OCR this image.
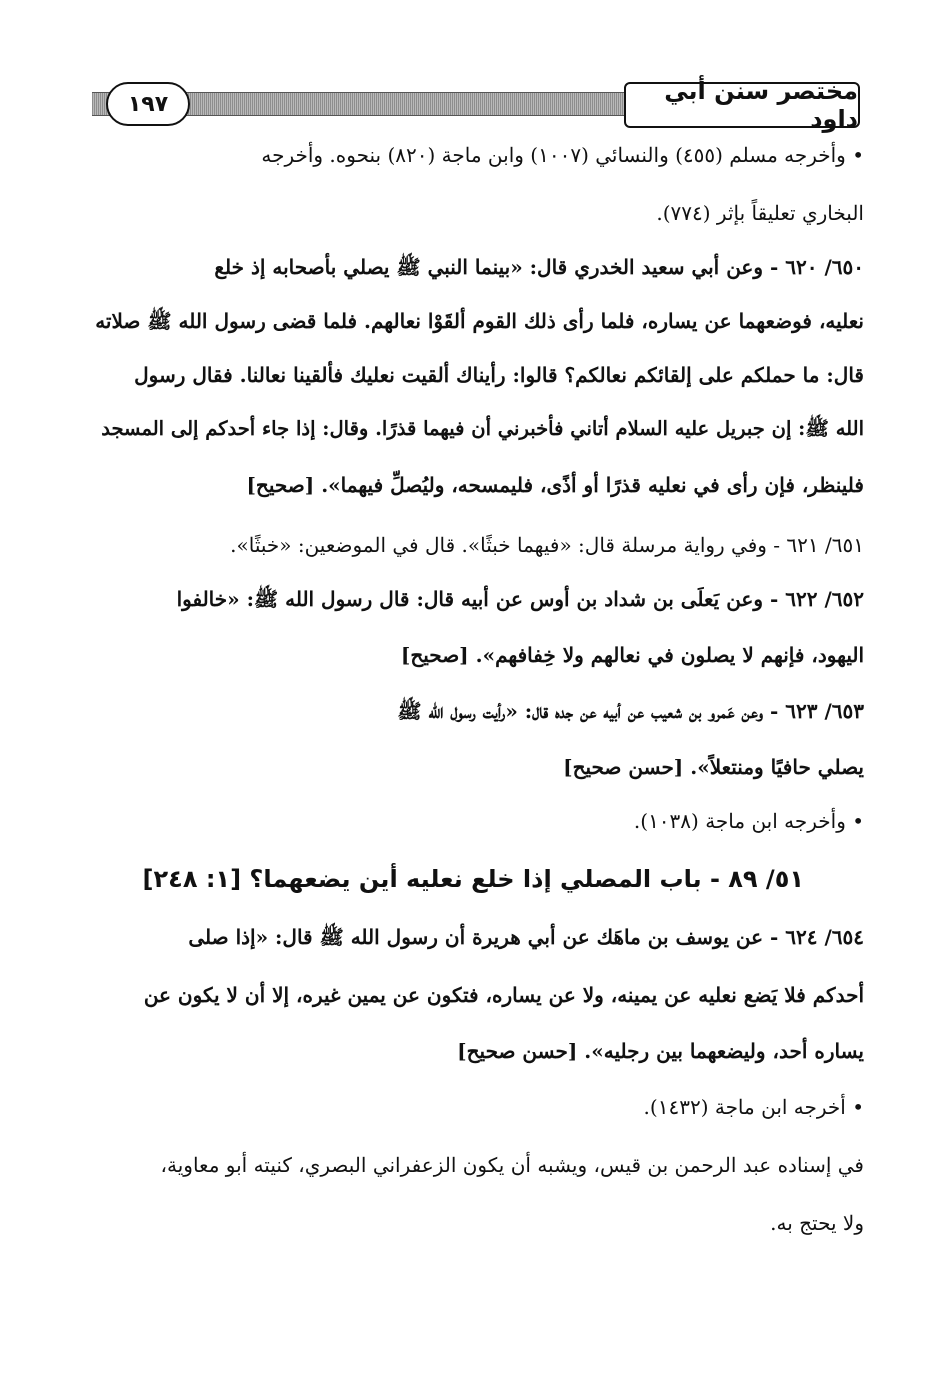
١٩٧	مختصر سنن أبي داود
• وأخرجه مسلم (٤٥٥) والنسائي (١٠٠٧) وابن ماجة (٨٢٠) بنحوه. وأخرجه
البخاري تعليقاً بإثر (٧٧٤).
٦٥٠/ ٦٢٠ - وعن أبي سعيد الخدري قال: «بينما النبي ﷺ يصلي بأصحابه إذ خلع
نعليه، فوضعهما عن يساره، فلما رأى ذلك القوم ألقَوْا نعالهم. فلما قضى رسول الله ﷺ صلاته
قال: ما حملكم على إلقائكم نعالكم؟ قالوا: رأيناك ألقيت نعليك فألقينا نعالنا. فقال رسول
الله ﷺ: إن جبريل عليه السلام أتاني فأخبرني أن فيهما قذرًا. وقال: إذا جاء أحدكم إلى المسجد
فلينظر، فإن رأى في نعليه قذرًا أو أذًى، فليمسحه، وليُصلِّ فيهما». [صحيح]
٦٥١/ ٦٢١ - وفي رواية مرسلة قال: «فيهما خبثًا». قال في الموضعين: «خبثًا».
٦٥٢/ ٦٢٢ - وعن يَعلَى بن شداد بن أوس عن أبيه قال: قال رسول الله ﷺ: «خالفوا
اليهود، فإنهم لا يصلون في نعالهم ولا خِفافهم». [صحيح]
٦٥٣/ ٦٢٣ - وعن عَمرو بن شعيب عن أبيه عن جده قال: «رأيت رسول الله ﷺ
يصلي حافيًا ومنتعلاً». [حسن صحيح]
• وأخرجه ابن ماجة (١٠٣٨).
٥١/ ٨٩ - باب المصلي إذا خلع نعليه أين يضعهما؟ [١: ٢٤٨]
٦٥٤/ ٦٢٤ - عن يوسف بن ماهَك عن أبي هريرة أن رسول الله ﷺ قال: «إذا صلى
أحدكم فلا يَضع نعليه عن يمينه، ولا عن يساره، فتكون عن يمين غيره، إلا أن لا يكون عن
يساره أحد، وليضعهما بين رجليه». [حسن صحيح]
• أخرجه ابن ماجة (١٤٣٢).
في إسناده عبد الرحمن بن قيس، ويشبه أن يكون الزعفراني البصري، كنيته أبو معاوية،
ولا يحتج به.
